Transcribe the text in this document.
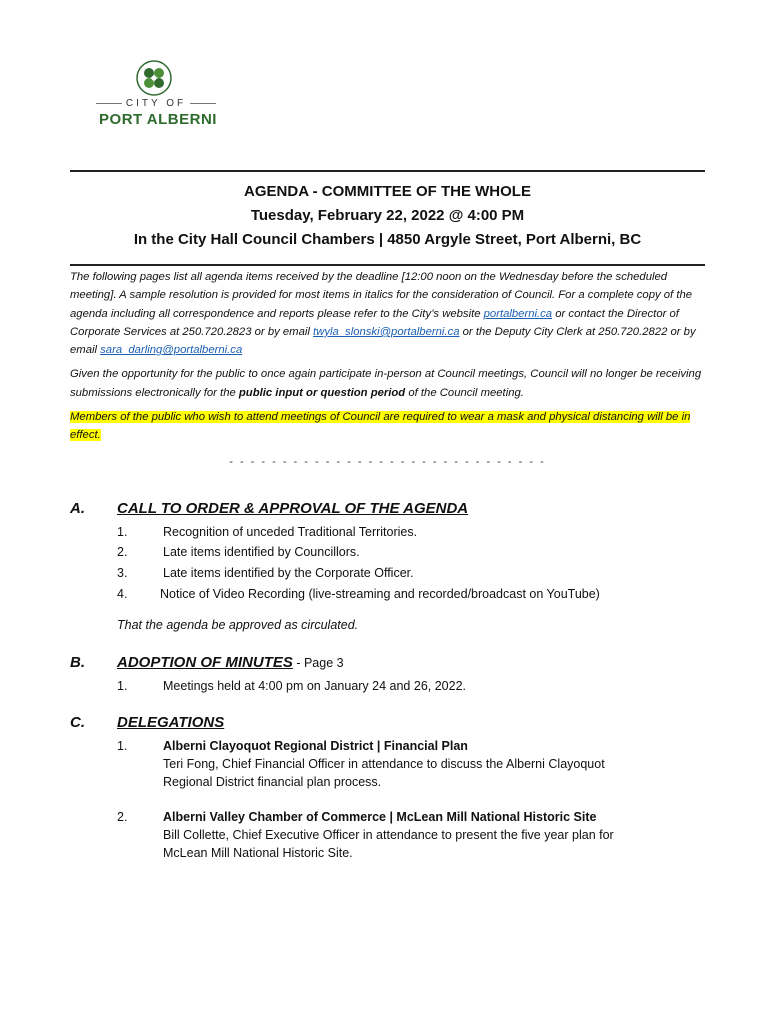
CITY OF
PORT ALBERNI
AGENDA - COMMITTEE OF THE WHOLE
Tuesday, February 22, 2022 @ 4:00 PM
In the City Hall Council Chambers | 4850 Argyle Street, Port Alberni, BC

The following pages list all agenda items received by the deadline [12:00 noon on the Wednesday before the scheduled meeting]. A sample resolution is provided for most items in italics for the consideration of Council. For a complete copy of the agenda including all correspondence and reports please refer to the City’s website portalberni.ca or contact the Director of Corporate Services at 250.720.2823 or by email twyla_slonski@portalberni.ca or the Deputy City Clerk at 250.720.2822 or by email sara_darling@portalberni.ca

Given the opportunity for the public to once again participate in-person at Council meetings, Council will no longer be receiving submissions electronically for the public input or question period of the Council meeting.

Members of the public who wish to attend meetings of Council are required to wear a mask and physical distancing will be in effect.

- - - - - - - - - - - - - - - - - - - - - - - - - - - - - -
A. CALL TO ORDER & APPROVAL OF THE AGENDA
1.	Recognition of unceded Traditional Territories.
2.	Late items identified by Councillors.
3.	Late items identified by the Corporate Officer.
4.	Notice of Video Recording (live-streaming and recorded/broadcast on YouTube)
That the agenda be approved as circulated.
B. ADOPTION OF MINUTES - Page 3
1.	Meetings held at 4:00 pm on January 24 and 26, 2022.
C. DELEGATIONS
1.	Alberni Clayoquot Regional District | Financial Plan
Teri Fong, Chief Financial Officer in attendance to discuss the Alberni Clayoquot
Regional District financial plan process.
2.	Alberni Valley Chamber of Commerce | McLean Mill National Historic Site
Bill Collette, Chief Executive Officer in attendance to present the five year plan for
McLean Mill National Historic Site.
